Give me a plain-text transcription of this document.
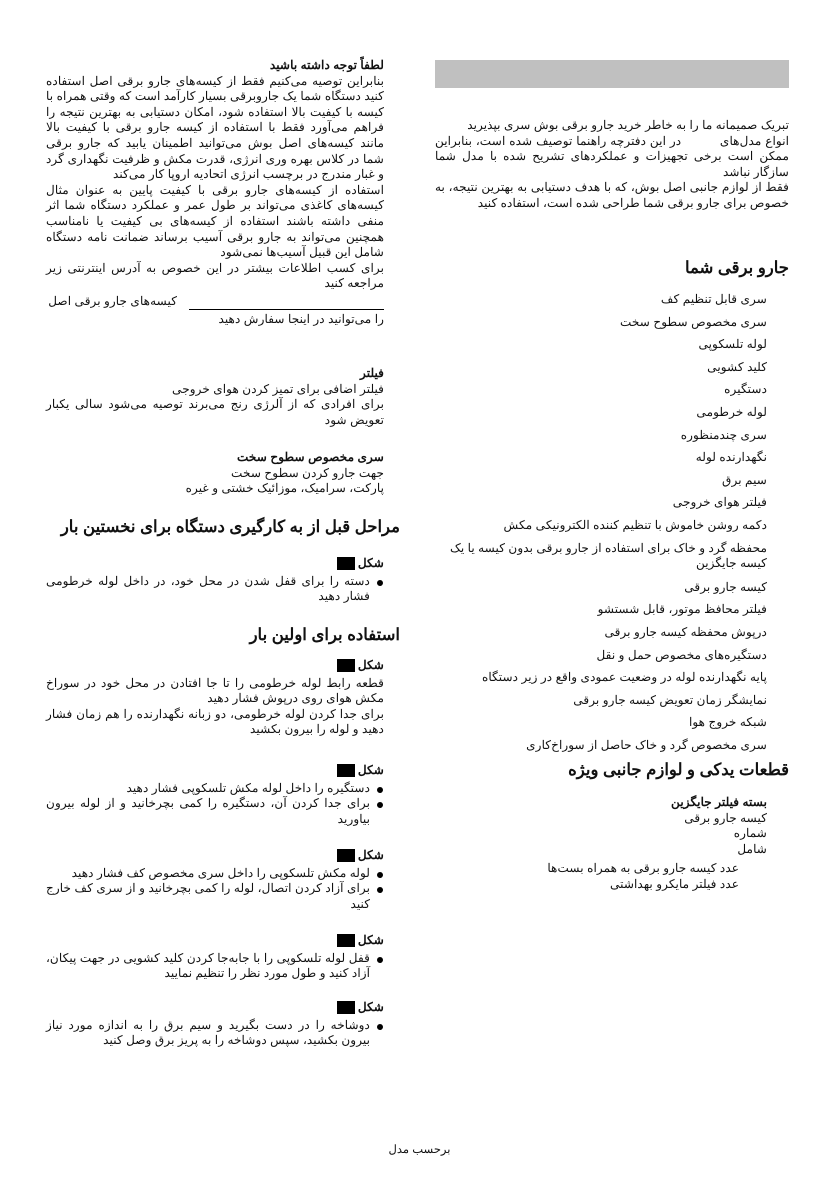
تبریک صمیمانه ما را به خاطر خرید جارو برقی بوش سری بپذیرید

انواع مدل‌های          در این دفترچه راهنما توصیف شده است، بنابراین ممکن است برخی تجهیزات و عملکردهای تشریح شده با مدل شما سازگار نباشد

فقط از لوازم جانبی اصل بوش، که با هدف دستیابی به بهترین نتیجه، به خصوص برای جارو برقی شما طراحی شده است، استفاده کنید

جارو برقی شما
سری قابل تنظیم کف
سری مخصوص سطوح سخت
لوله تلسکوپی
کلید کشویی
دستگیره
لوله خرطومی
سری چندمنظوره
نگهدارنده لوله
سیم برق
فیلتر هوای خروجی
دکمه روشن خاموش با تنظیم کننده الکترونیکی مکش
محفظه گرد و خاک برای استفاده از جارو برقی بدون کیسه یا یک کیسه جایگزین
کیسه جارو برقی
فیلتر محافظ موتور، قابل شستشو
درپوش محفظه کیسه جارو برقی
دستگیره‌های مخصوص حمل و نقل
پایه نگهدارنده لوله در وضعیت عمودی واقع در زیر دستگاه
نمایشگر زمان تعویض کیسه جارو برقی
شبکه خروج هوا
سری مخصوص گرد و خاک حاصل از سوراخ‌کاری
قطعات یدکی و لوازم جانبی ویژه
بسته فیلتر جایگزین
کیسه جارو برقی
شماره
شامل
عدد کیسه جارو برقی به همراه بست‌ها
عدد فیلتر مایکرو بهداشتی
لطفاً توجه داشته باشید

بنابراین توصیه می‌کنیم فقط از کیسه‌های جارو برقی اصل استفاده کنید دستگاه شما یک جاروبرقی بسیار کارآمد است که وقتی همراه با کیسه با کیفیت بالا استفاده شود، امکان دستیابی به بهترین نتیجه را فراهم می‌آورد فقط با استفاده از کیسه جارو برقی با کیفیت بالا مانند کیسه‌های اصل بوش می‌توانید اطمینان یابید که جارو برقی شما در کلاس بهره وری انرژی، قدرت مکش و ظرفیت نگهداری گرد و غبار مندرج در برچسب انرژی اتحادیه اروپا کار می‌کند

استفاده از کیسه‌های جارو برقی با کیفیت پایین به عنوان مثال کیسه‌های کاغذی می‌تواند بر طول عمر و عملکرد دستگاه شما اثر منفی داشته باشند استفاده از کیسه‌های بی کیفیت یا نامناسب همچنین می‌تواند به جارو برقی آسیب برساند ضمانت نامه دستگاه شامل این قبیل آسیب‌ها نمی‌شود

برای کسب اطلاعات بیشتر در این خصوص به آدرس اینترنتی زیر مراجعه کنید

کیسه‌های جارو برقی اصل
را می‌توانید در اینجا سفارش دهید
فیلتر

فیلتر اضافی برای تمیز کردن هوای خروجی

برای افرادی که از آلرژی رنج می‌برند توصیه می‌شود سالی یکبار تعویض شود

سری مخصوص سطوح سخت
جهت جارو کردن سطوح سخت
پارکت، سرامیک، موزائیک خشتی و غیره
مراحل قبل از به کارگیری دستگاه برای نخستین بار
شکل
دسته را برای قفل شدن در محل خود، در داخل لوله خرطومی فشار دهید
استفاده برای اولین بار
شکل

قطعه رابط لوله خرطومی را تا جا افتادن در محل خود در سوراخ مکش هوای روی درپوش فشار دهید

برای جدا کردن لوله خرطومی، دو زبانه نگهدارنده را هم زمان فشار دهید و لوله را بیرون بکشید

شکل
دستگیره را داخل لوله مکش تلسکوپی فشار دهید
برای جدا کردن آن، دستگیره را کمی بچرخانید و از لوله بیرون بیاورید
شکل
لوله مکش تلسکوپی را داخل سری مخصوص کف فشار دهید
برای آزاد کردن اتصال، لوله را کمی بچرخانید و از سری کف خارج کنید
شکل
قفل لوله تلسکوپی را با جابه‌جا کردن کلید کشویی در جهت پیکان، آزاد کنید و طول مورد نظر را تنظیم نمایید
شکل
دوشاخه را در دست بگیرید و سیم برق را به اندازه مورد نیاز بیرون بکشید، سپس دوشاخه را به پریز برق وصل کنید
برحسب مدل
